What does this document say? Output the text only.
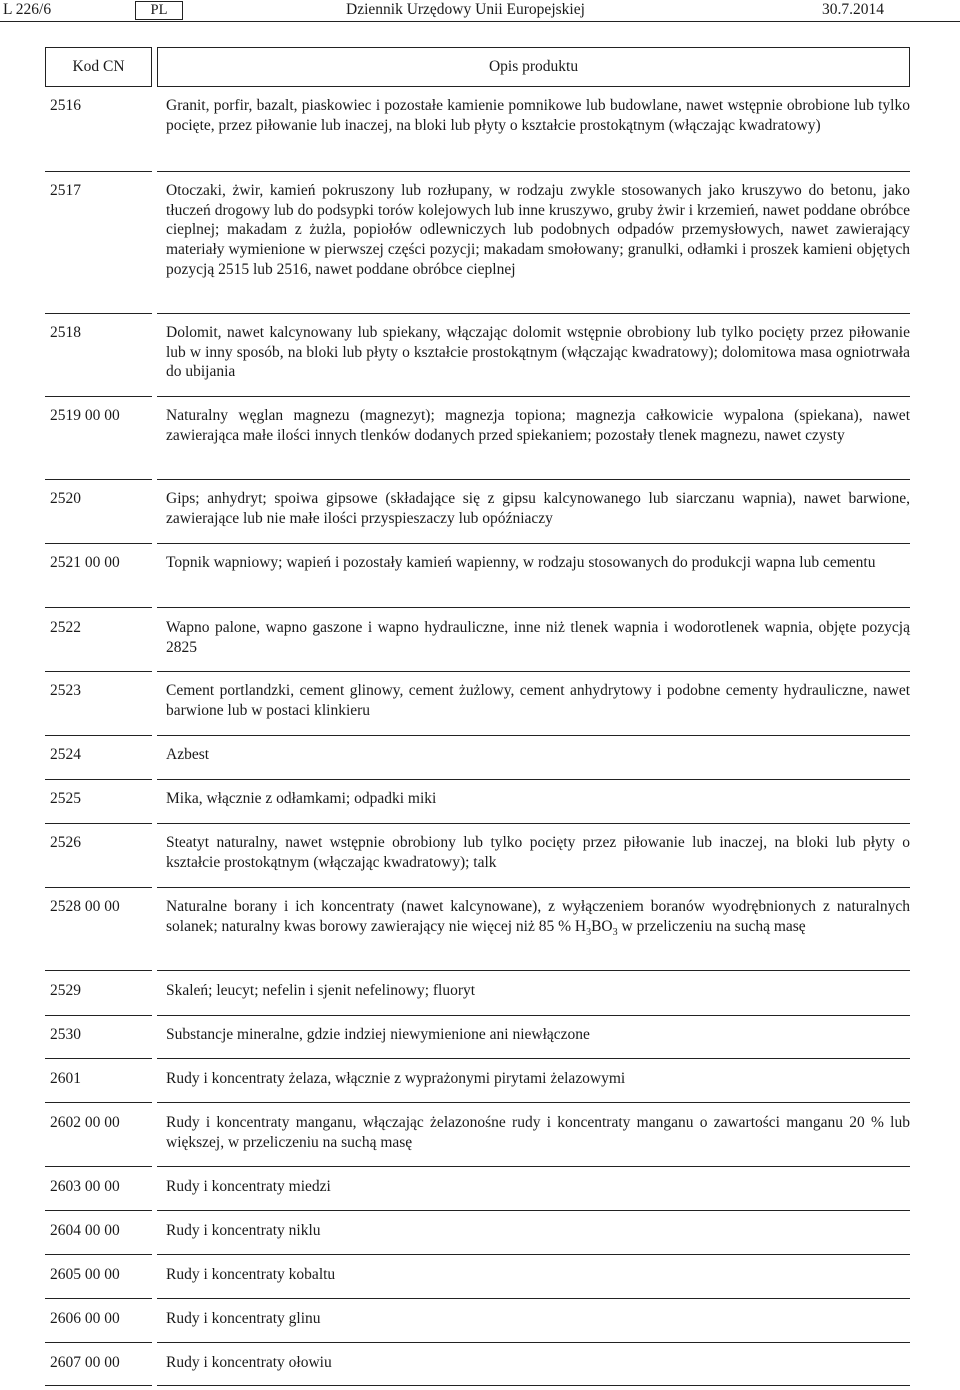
L 226/6	PL	Dziennik Urzędowy Unii Europejskiej	30.7.2014
Kod CN	Opis produktu
2516	Granit, porfir, bazalt, piaskowiec i pozostałe kamienie pomnikowe lub budowlane, nawet wstępnie obrobione lub tylko pocięte, przez piłowanie lub inaczej, na bloki lub płyty o kształcie prostokątnym (włączając kwadratowy)
2517	Otoczaki, żwir, kamień pokruszony lub rozłupany, w rodzaju zwykle stosowanych jako kruszywo do betonu, jako tłuczeń drogowy lub do podsypki torów kolejowych lub inne kruszywo, gruby żwir i krzemień, nawet poddane obróbce cieplnej; makadam z żużla, popiołów odlewniczych lub podobnych odpadów przemysłowych, nawet zawierający materiały wymienione w pierwszej części pozycji; makadam smołowany; granulki, odłamki i proszek kamieni objętych pozycją 2515 lub 2516, nawet poddane obróbce cieplnej
2518	Dolomit, nawet kalcynowany lub spiekany, włączając dolomit wstępnie obrobiony lub tylko pocięty przez piłowanie lub w inny sposób, na bloki lub płyty o kształcie prostokątnym (włączając kwadratowy); dolomitowa masa ogniotrwała do ubijania
2519 00 00	Naturalny węglan magnezu (magnezyt); magnezja topiona; magnezja całkowicie wypalona (spiekana), nawet zawierająca małe ilości innych tlenków dodanych przed spiekaniem; pozostały tlenek magnezu, nawet czysty
2520	Gips; anhydryt; spoiwa gipsowe (składające się z gipsu kalcynowanego lub siarczanu wapnia), nawet barwione, zawierające lub nie małe ilości przyspieszaczy lub opóźniaczy
2521 00 00	Topnik wapniowy; wapień i pozostały kamień wapienny, w rodzaju stosowanych do produkcji wapna lub cementu
2522	Wapno palone, wapno gaszone i wapno hydrauliczne, inne niż tlenek wapnia i wodorotlenek wapnia, objęte pozycją 2825
2523	Cement portlandzki, cement glinowy, cement żużlowy, cement anhydrytowy i podobne cementy hydrauliczne, nawet barwione lub w postaci klinkieru
2524	Azbest
2525	Mika, włącznie z odłamkami; odpadki miki
2526	Steatyt naturalny, nawet wstępnie obrobiony lub tylko pocięty przez piłowanie lub inaczej, na bloki lub płyty o kształcie prostokątnym (włączając kwadratowy); talk
2528 00 00	Naturalne borany i ich koncentraty (nawet kalcynowane), z wyłączeniem boranów wyodrębnionych z naturalnych solanek; naturalny kwas borowy zawierający nie więcej niż 85 % $H_3BO_3$ w przeliczeniu na suchą masę
2529	Skaleń; leucyt; nefelin i sjenit nefelinowy; fluoryt
2530	Substancje mineralne, gdzie indziej niewymienione ani niewłączone
2601	Rudy i koncentraty żelaza, włącznie z wyprażonymi pirytami żelazowymi
2602 00 00	Rudy i koncentraty manganu, włączając żelazonośne rudy i koncentraty manganu o zawartości manganu 20 % lub większej, w przeliczeniu na suchą masę
2603 00 00	Rudy i koncentraty miedzi
2604 00 00	Rudy i koncentraty niklu
2605 00 00	Rudy i koncentraty kobaltu
2606 00 00	Rudy i koncentraty glinu
2607 00 00	Rudy i koncentraty ołowiu
